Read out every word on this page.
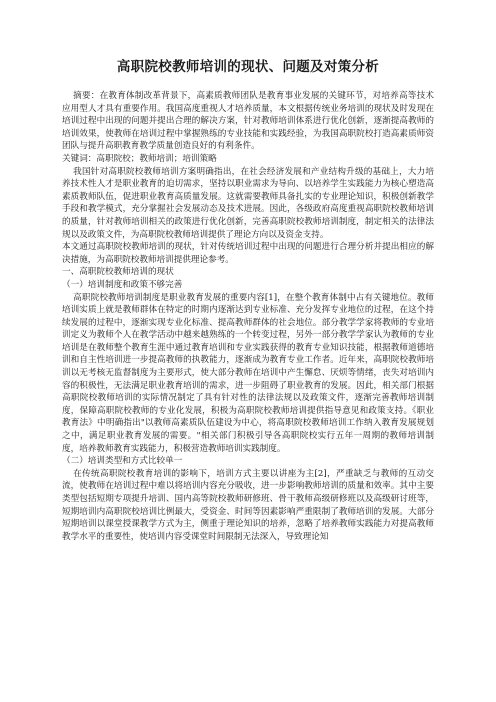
高职院校教师培训的现状、问题及对策分析

摘要：在教育体制改革背景下，高素质教师团队是教育事业发展的关键环节，对培养高等技术应用型人才具有重要作用。我国高度重视人才培养质量，本文根据传统业务培训的现状及时发现在培训过程中出现的问题并提出合理的解决方案，针对教师培训体系进行优化创新，逐渐提高教师的培训效果，使教师在培训过程中掌握熟练的专业技能和实践经验，为我国高职院校打造高素质师资团队与提升高职教育教学质量创造良好的有利条件。

关键词：高职院校；教师培训；培训策略

我国针对高职院校教师培训方案明确指出，在社会经济发展和产业结构升级的基础上，大力培养技术性人才是职业教育的迫切需求，坚持以职业需求为导向、以培养学生实践能力为核心塑造高素质教师队伍，促进职业教育高质量发展。这就需要教师具备扎实的专业理论知识，积极创新教学手段和教学模式，充分掌握社会发展动态及技术进展。因此，各级政府高度重视高职院校教师培训的质量，针对教师培训相关的政策进行优化创新，完善高职院校教师培训制度，制定相关的法律法规以及政策文件，为高职院校教师培训提供了理论方向以及资金支持。

本文通过高职院校教师培训的现状，针对传统培训过程中出现的问题进行合理分析并提出相应的解决措施，为高职院校教师培训提供理论参考。

一、高职院校教师培训的现状

（一）培训制度和政策不够完善

高职院校教师培训制度是职业教育发展的重要内容[1]，在整个教育体制中占有关键地位。教师培训实质上就是教师群体在特定的时期内逐渐达到专业标准、充分发挥专业地位的过程，在这个持续发展的过程中，逐渐实现专业化标准、提高教师群体的社会地位。部分教学学家将教师的专业培训定义为教师个人在教学活动中越来越熟练的一个转变过程，另外一部分教学学家认为教师的专业培训是在教师整个教育生涯中通过教育培训和专业实践获得的教育专业知识技能，根据教师道德培训和自主性培训进一步提高教师的执教能力，逐渐成为教育专业工作者。近年来，高职院校教师培训以无考核无监督制度为主要形式，使大部分教师在培训中产生懈怠、厌烦等情绪，丧失对培训内容的积极性，无法满足职业教育培训的需求，进一步阻碍了职业教育的发展。因此，相关部门根据高职院校教师培训的实际情况制定了具有针对性的法律法规以及政策文件，逐渐完善教师培训制度，保障高职院校教师的专业化发展，积极为高职院校教师培训提供指导意见和政策支持。《职业教育法》中明确指出"以教师高素质队伍建设为中心，将高职院校教师培训工作纳入教育发展规划之中，满足职业教育发展的需要。"相关部门积极引导各高职院校实行五年一周期的教师培训制度，培养教师教育实践能力，积极营造教师培训实践制度。

（二）培训类型和方式比较单一

在传统高职院校教育培训的影响下，培训方式主要以讲座为主[2]，严重缺乏与教师的互动交流，使教师在培训过程中难以将培训内容充分吸收，进一步影响教师培训的质量和效率。其中主要类型包括短期专项提升培训、国内高等院校教师研修班、骨干教师高级研修班以及高级研讨班等，短期培训内高职院校培训比例最大，受资金、时间等因素影响严重限制了教师培训的发展。大部分短期培训以课堂授课教学方式为主，侧重于理论知识的培养，忽略了培养教师实践能力对提高教师教学水平的重要性，使培训内容受课堂时间限制无法深入，导致理论知
